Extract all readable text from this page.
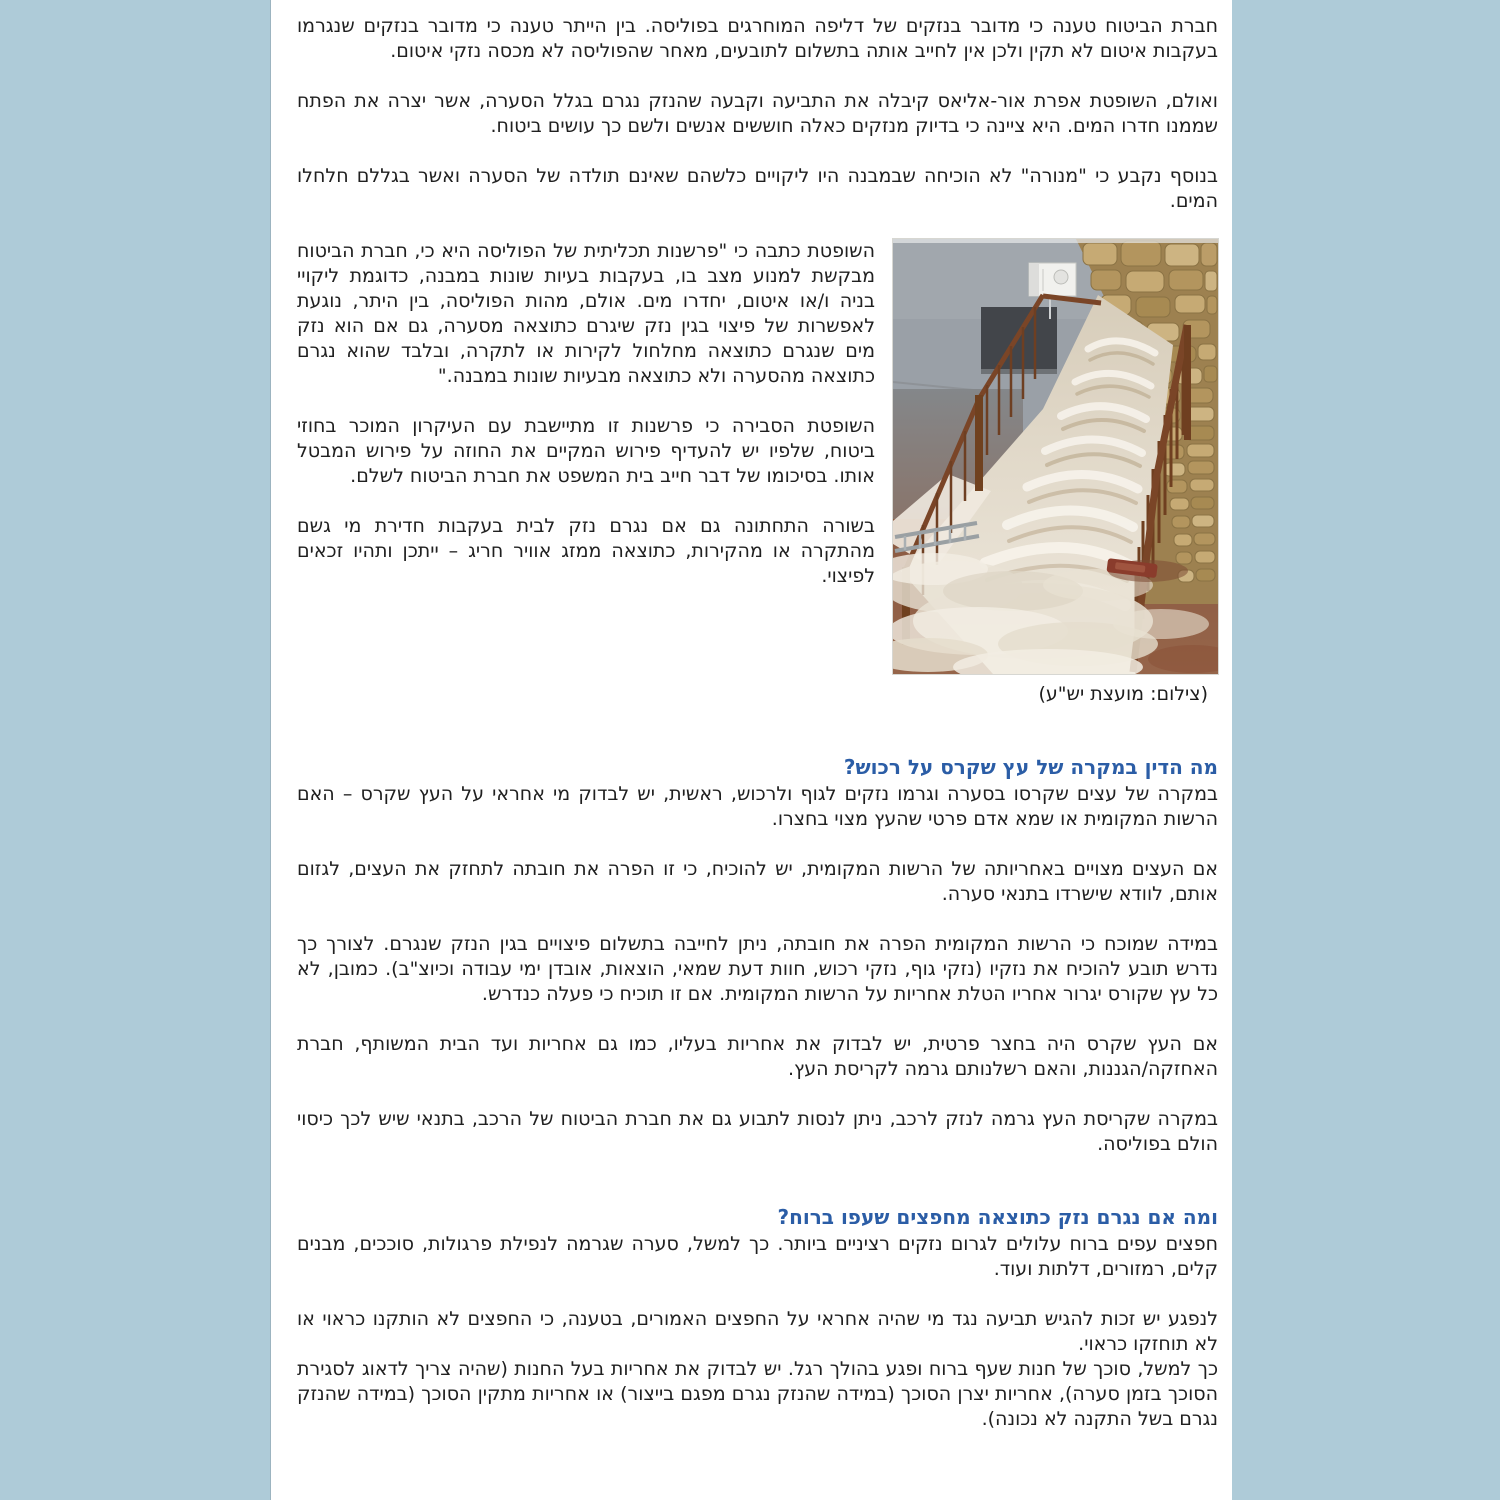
חברת הביטוח טענה כי מדובר בנזקים של דליפה המוחרגים בפוליסה. בין הייתר טענה כי מדובר בנזקים שנגרמו בעקבות איטום לא תקין ולכן אין לחייב אותה בתשלום לתובעים, מאחר שהפוליסה לא מכסה נזקי איטום.

ואולם, השופטת אפרת אור-אליאס קיבלה את התביעה וקבעה שהנזק נגרם בגלל הסערה, אשר יצרה את הפתח שממנו חדרו המים. היא ציינה כי בדיוק מנזקים כאלה חוששים אנשים ולשם כך עושים ביטוח.

בנוסף נקבע כי "מנורה" לא הוכיחה שבמבנה היו ליקויים כלשהם שאינם תולדה של הסערה ואשר בגללם חלחלו המים.

(צילום: מועצת יש"ע)

השופטת כתבה כי "פרשנות תכליתית של הפוליסה היא כי, חברת הביטוח מבקשת למנוע מצב בו, בעקבות בעיות שונות במבנה, כדוגמת ליקויי בניה ו/או איטום, יחדרו מים. אולם, מהות הפוליסה, בין היתר, נוגעת לאפשרות של פיצוי בגין נזק שיגרם כתוצאה מסערה, גם אם הוא נזק מים שנגרם כתוצאה מחלחול לקירות או לתקרה, ובלבד שהוא נגרם כתוצאה מהסערה ולא כתוצאה מבעיות שונות במבנה."

השופטת הסבירה כי פרשנות זו מתיישבת עם העיקרון המוכר בחוזי ביטוח, שלפיו יש להעדיף פירוש המקיים את החוזה על פירוש המבטל אותו. בסיכומו של דבר חייב בית המשפט את חברת הביטוח לשלם.

בשורה התחתונה גם אם נגרם נזק לבית בעקבות חדירת מי גשם מהתקרה או מהקירות, כתוצאה ממזג אוויר חריג – ייתכן ותהיו זכאים לפיצוי.

מה הדין במקרה של עץ שקרס על רכוש?

במקרה של עצים שקרסו בסערה וגרמו נזקים לגוף ולרכוש, ראשית, יש לבדוק מי אחראי על העץ שקרס – האם הרשות המקומית או שמא אדם פרטי שהעץ מצוי בחצרו.

אם העצים מצויים באחריותה של הרשות המקומית, יש להוכיח, כי זו הפרה את חובתה לתחזק את העצים, לגזום אותם, לוודא שישרדו בתנאי סערה.

במידה שמוכח כי הרשות המקומית הפרה את חובתה, ניתן לחייבה בתשלום פיצויים בגין הנזק שנגרם. לצורך כך נדרש תובע להוכיח את נזקיו (נזקי גוף, נזקי רכוש, חוות דעת שמאי, הוצאות, אובדן ימי עבודה וכיוצ"ב). כמובן, לא כל עץ שקורס יגרור אחריו הטלת אחריות על הרשות המקומית. אם זו תוכיח כי פעלה כנדרש.

אם העץ שקרס היה בחצר פרטית, יש לבדוק את אחריות בעליו, כמו גם אחריות ועד הבית המשותף, חברת האחזקה/הגננות, והאם רשלנותם גרמה לקריסת העץ.

במקרה שקריסת העץ גרמה לנזק לרכב, ניתן לנסות לתבוע גם את חברת הביטוח של הרכב, בתנאי שיש לכך כיסוי הולם בפוליסה.

ומה אם נגרם נזק כתוצאה מחפצים שעפו ברוח?

חפצים עפים ברוח עלולים לגרום נזקים רציניים ביותר. כך למשל, סערה שגרמה לנפילת פרגולות, סוככים, מבנים קלים, רמזורים, דלתות ועוד.

לנפגע יש זכות להגיש תביעה נגד מי שהיה אחראי על החפצים האמורים, בטענה, כי החפצים לא הותקנו כראוי או לא תוחזקו כראוי.

כך למשל, סוכך של חנות שעף ברוח ופגע בהולך רגל. יש לבדוק את אחריות בעל החנות (שהיה צריך לדאוג לסגירת הסוכך בזמן סערה), אחריות יצרן הסוכך (במידה שהנזק נגרם מפגם בייצור) או אחריות מתקין הסוכך (במידה שהנזק נגרם בשל התקנה לא נכונה).
